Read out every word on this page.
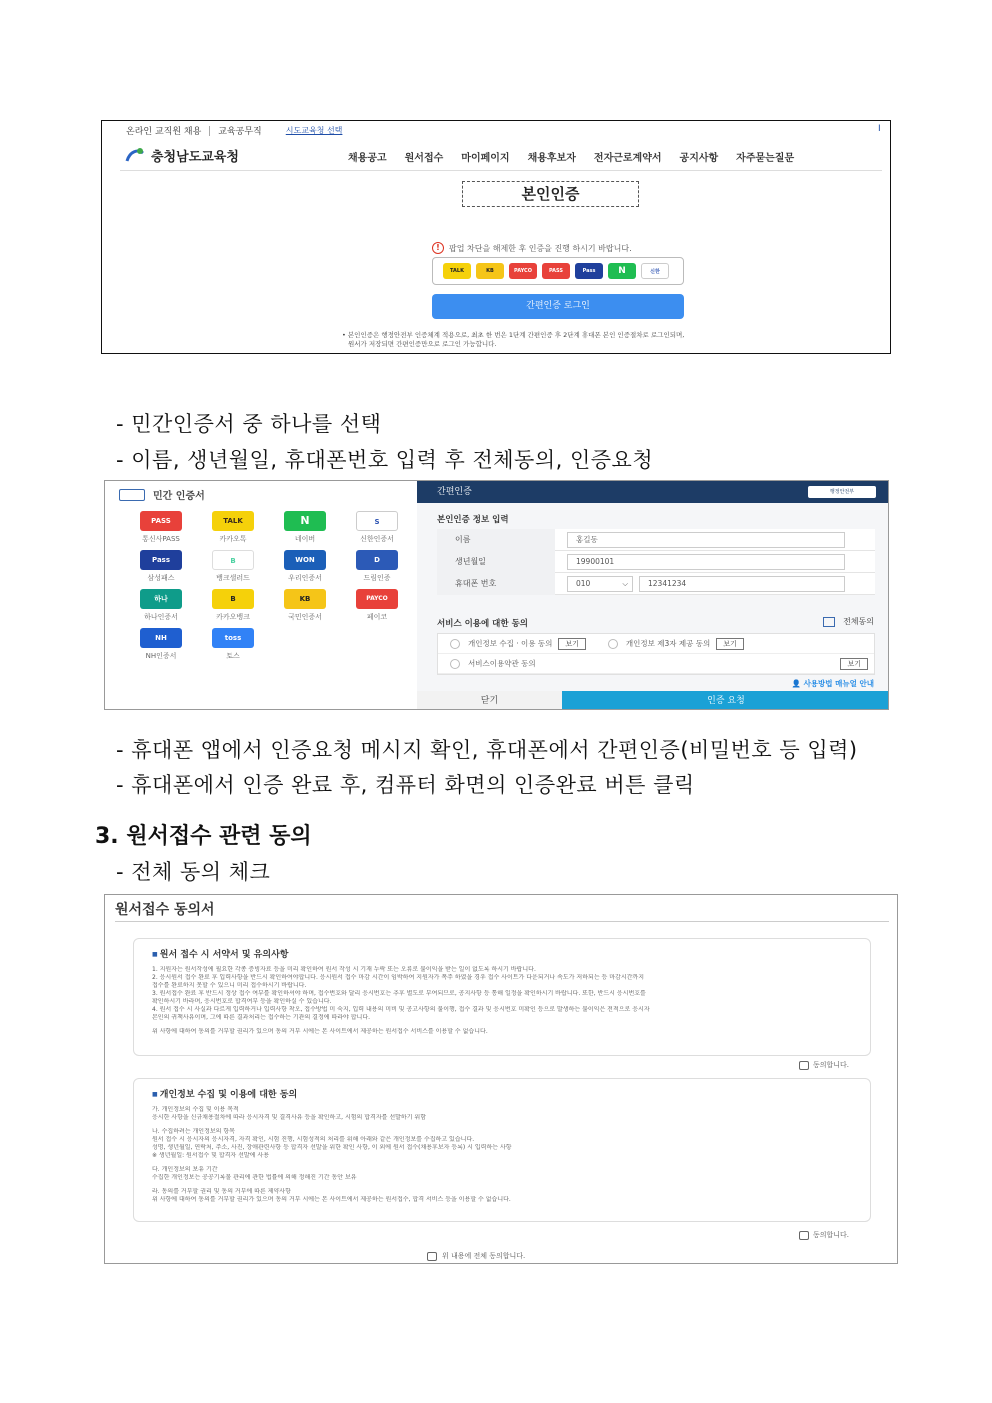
온라인 교직원 채용 교육공무직	시도교육청 선택	I
충청남도교육청	채용공고 원서접수 마이페이지 채용후보자 전자근로계약서 공지사항 자주묻는질문
본인인증
!	팝업 차단을 해제한 후 인증을 진행 하시기 바랍니다.
TALK	KB	PAYCO	PASS	Pass	N	신한
간편인증 로그인
• 본인인증은 행정안전부 인증체계 적용으로, 최초 한 번은 1단계 간편인증 후 2단계 휴대폰 본인 인증절차로 로그인되며,
원서가 저장되면 간편인증만으로 로그인 가능합니다.
- 민간인증서 중 하나를 선택
- 이름, 생년월일, 휴대폰번호 입력 후 전체동의, 인증요청
민간 인증서
PASS
통신사PASS
TALK
카카오톡
N
네이버
S
신한인증서
Pass
삼성패스
B
뱅크샐러드
WON
우리인증서
D
드림인증
하나
하나인증서
B
카카오뱅크
KB
국민인증서
PAYCO
페이코
NH
NH인증서
toss
토스
간편인증	행정안전부
본인인증 정보 입력
이름	홍길동
생년월일	19900101
휴대폰 번호	010	⌵	12341234
서비스 이용에 대한 동의	전체동의
개인정보 수집 · 이용 동의	보기	개인정보 제3자 제공 동의	보기
서비스이용약관 동의	보기
👤 사용방법 매뉴얼 안내
닫기	인증 요청
- 휴대폰 앱에서 인증요청 메시지 확인, 휴대폰에서 간편인증(비밀번호 등 입력)
- 휴대폰에서 인증 완료 후, 컴퓨터 화면의 인증완료 버튼 클릭
3. 원서접수 관련 동의
- 전체 동의 체크
원서접수 동의서
■ 원서 접수 시 서약서 및 유의사항

1. 지원자는 원서작성에 필요한 각종 증빙자료 등을 미리 확인하여 원서 작성 시 기재 누락 또는 오류로 불이익을 받는 일이 없도록 하시기 바랍니다.

2. 응시원서 접수 완료 후 입력사항을 반드시 확인하여야합니다. 응시원서 접수 마감 시간이 임박하여 지원자가 폭주 하였을 경우 접수 사이트가 다운되거나 속도가 저하되는 등 마감시간까지

접수를 완료하지 못할 수 있으니 미리 접수하시기 바랍니다.

3. 원서접수 완료 후 반드시 정상 접수 여부를 확인하셔야 하며, 접수번호와 달리 응시번호는 추후 별도로 부여되므로, 공지사항 등 통해 일정을 확인하시기 바랍니다. 또한, 반드시 응시번호를

확인하시기 바라며, 응시번호로 합격여부 등을 확인하실 수 있습니다.

4. 원서 접수 시 사실과 다르게 입력하거나 입력사항 착오, 접수방법 미 숙지, 입력 내용의 미비 및 공고사항의 불이행, 접수 결과 및 응시번호 미확인 등으로 발생하는 불이익은 전적으로 응시자

본인의 귀책사유이며, 그에 따른 결과처리는 접수하는 기관의 결정에 따라야 합니다.

위 사항에 대하여 동의를 거부할 권리가 있으며 동의 거부 시에는 본 사이트에서 제공하는 원서접수 서비스를 이용할 수 없습니다.

동의합니다.
■ 개인정보 수집 및 이용에 대한 동의

가. 개인정보의 수집 및 이용 목적

응시한 사항을 신규채용절차에 따라 응시자격 및 결격사유 등을 확인하고, 시험의 합격자를 선발하기 위함

나. 수집하려는 개인정보의 항목

원서 접수 시 응시자의 응시자격, 자격 확인, 시험 진행, 시험성적의 처리를 위해 아래와 같은 개인정보를 수집하고 있습니다.

성명, 생년월일, 연락처, 주소, 사진, 장애관련사항 등 합격자 선발을 위한 확인 사항, 이 외에 원서 접수(채용후보자 등록) 시 입력하는 사항

※ 생년월일: 원서접수 및 합격자 선발에 사용

다. 개인정보의 보유 기간

수집한 개인정보는 공공기록물 관리에 관한 법률에 의해 정해진 기간 동안 보유

라. 동의를 거부할 권리 및 동의 거부에 따른 제약사항

위 사항에 대하여 동의를 거부할 권리가 있으며 동의 거부 시에는 본 사이트에서 제공하는 원서접수, 합격 서비스 등을 이용할 수 없습니다.

동의합니다.
위 내용에 전체 동의합니다.
